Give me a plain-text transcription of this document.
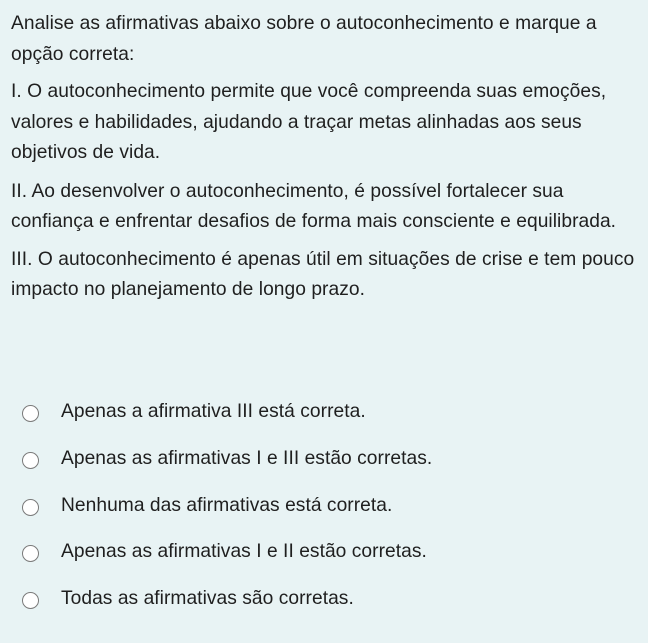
Analise as afirmativas abaixo sobre o autoconhecimento e marque a opção correta:

I. O autoconhecimento permite que você compreenda suas emoções, valores e habilidades, ajudando a traçar metas alinhadas aos seus objetivos de vida.

II. Ao desenvolver o autoconhecimento, é possível fortalecer sua confiança e enfrentar desafios de forma mais consciente e equilibrada.

III. O autoconhecimento é apenas útil em situações de crise e tem pouco impacto no planejamento de longo prazo.

Apenas a afirmativa III está correta.
Apenas as afirmativas I e III estão corretas.
Nenhuma das afirmativas está correta.
Apenas as afirmativas I e II estão corretas.
Todas as afirmativas são corretas.
